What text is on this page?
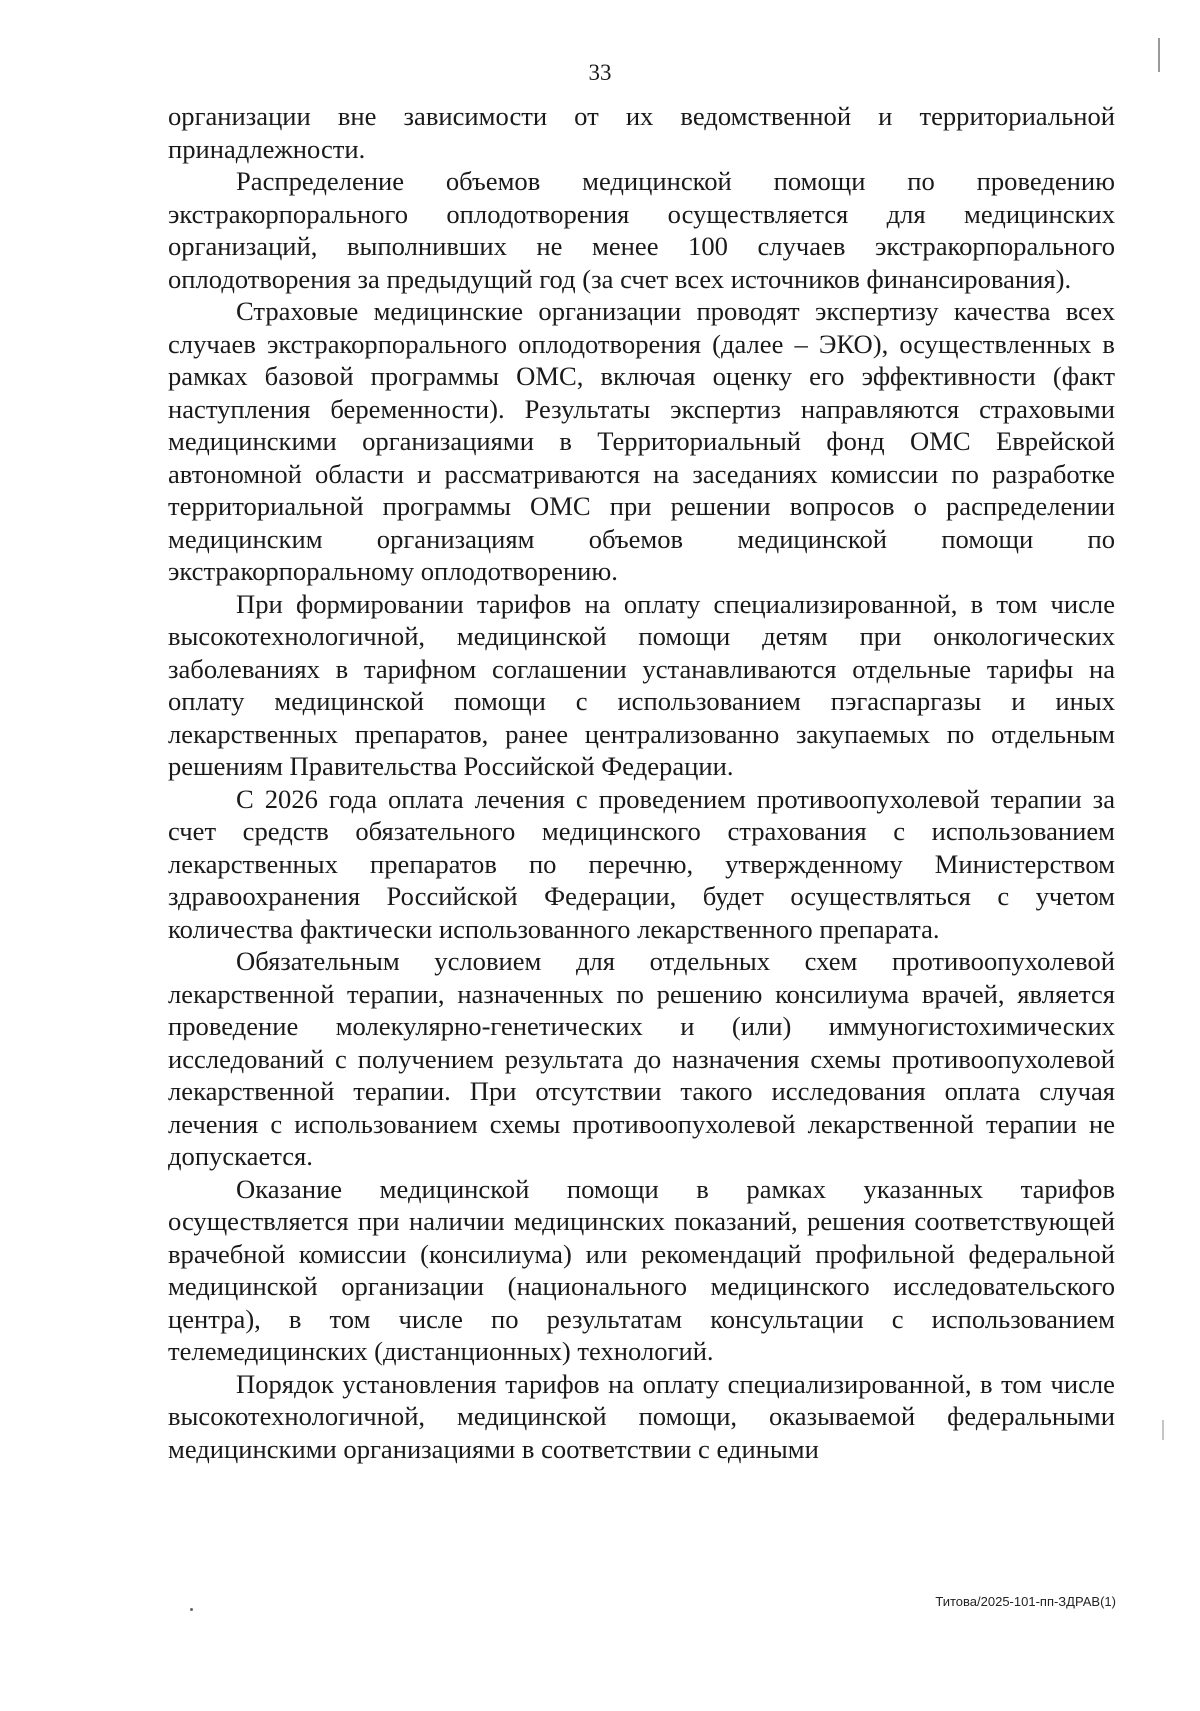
33

организации вне зависимости от их ведомственной и территориальной принадлежности.

Распределение объемов медицинской помощи по проведению экстракорпорального оплодотворения осуществляется для медицинских организаций, выполнивших не менее 100 случаев экстракорпорального оплодотворения за предыдущий год (за счет всех источников финансирования).

Страховые медицинские организации проводят экспертизу качества всех случаев экстракорпорального оплодотворения (далее – ЭКО), осуществленных в рамках базовой программы ОМС, включая оценку его эффективности (факт наступления беременности). Результаты экспертиз направляются страховыми медицинскими организациями в Территориальный фонд ОМС Еврейской автономной области и рассматриваются на заседаниях комиссии по разработке территориальной программы ОМС при решении вопросов о распределении медицинским организациям объемов медицинской помощи по экстракорпоральному оплодотворению.

При формировании тарифов на оплату специализированной, в том числе высокотехнологичной, медицинской помощи детям при онкологических заболеваниях в тарифном соглашении устанавливаются отдельные тарифы на оплату медицинской помощи с использованием пэгаспаргазы и иных лекарственных препаратов, ранее централизованно закупаемых по отдельным решениям Правительства Российской Федерации.

С 2026 года оплата лечения с проведением противоопухолевой терапии за счет средств обязательного медицинского страхования с использованием лекарственных препаратов по перечню, утвержденному Министерством здравоохранения Российской Федерации, будет осуществляться с учетом количества фактически использованного лекарственного препарата.

Обязательным условием для отдельных схем противоопухолевой лекарственной терапии, назначенных по решению консилиума врачей, является проведение молекулярно-генетических и (или) иммуногистохимических исследований с получением результата до назначения схемы противоопухолевой лекарственной терапии. При отсутствии такого исследования оплата случая лечения с использованием схемы противоопухолевой лекарственной терапии не допускается.

Оказание медицинской помощи в рамках указанных тарифов осуществляется при наличии медицинских показаний, решения соответствующей врачебной комиссии (консилиума) или рекомендаций профильной федеральной медицинской организации (национального медицинского исследовательского центра), в том числе по результатам консультации с использованием телемедицинских (дистанционных) технологий.

Порядок установления тарифов на оплату специализированной, в том числе высокотехнологичной, медицинской помощи, оказываемой федеральными медицинскими организациями в соответствии с едиными

Титова/2025-101-пп-ЗДРАВ(1)
